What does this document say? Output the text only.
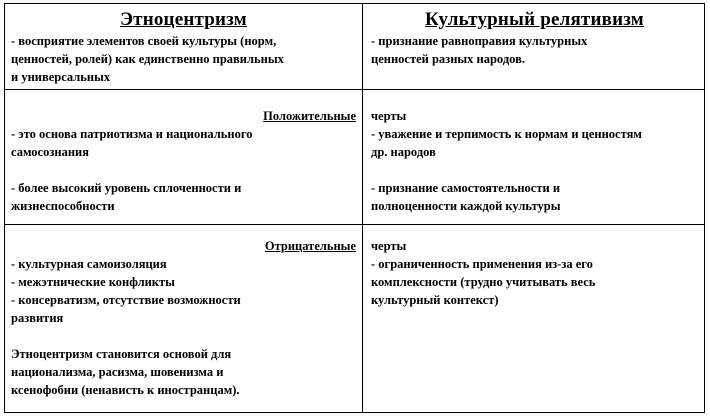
Этноцентризм
- восприятие элементов своей культуры (норм,
ценностей, ролей) как единственно правильных
и универсальных
Культурный релятивизм
- признание равноправия культурных
ценностей разных народов.
Положительные
- это основа патриотизма и национального
самосознания
- более высокий уровень сплоченности и
жизнеспособности
черты
- уважение и терпимость к нормам и ценностям
др. народов
- признание самостоятельности и
полноценности каждой культуры
Отрицательные
- культурная самоизоляция
- межэтнические конфликты
- консерватизм, отсутствие возможности
развития
Этноцентризм становится основой для
национализма, расизма, шовенизма и
ксенофобии (ненависть к иностранцам).
черты
- ограниченность применения из-за его
комплексности (трудно учитывать весь
культурный контекст)
